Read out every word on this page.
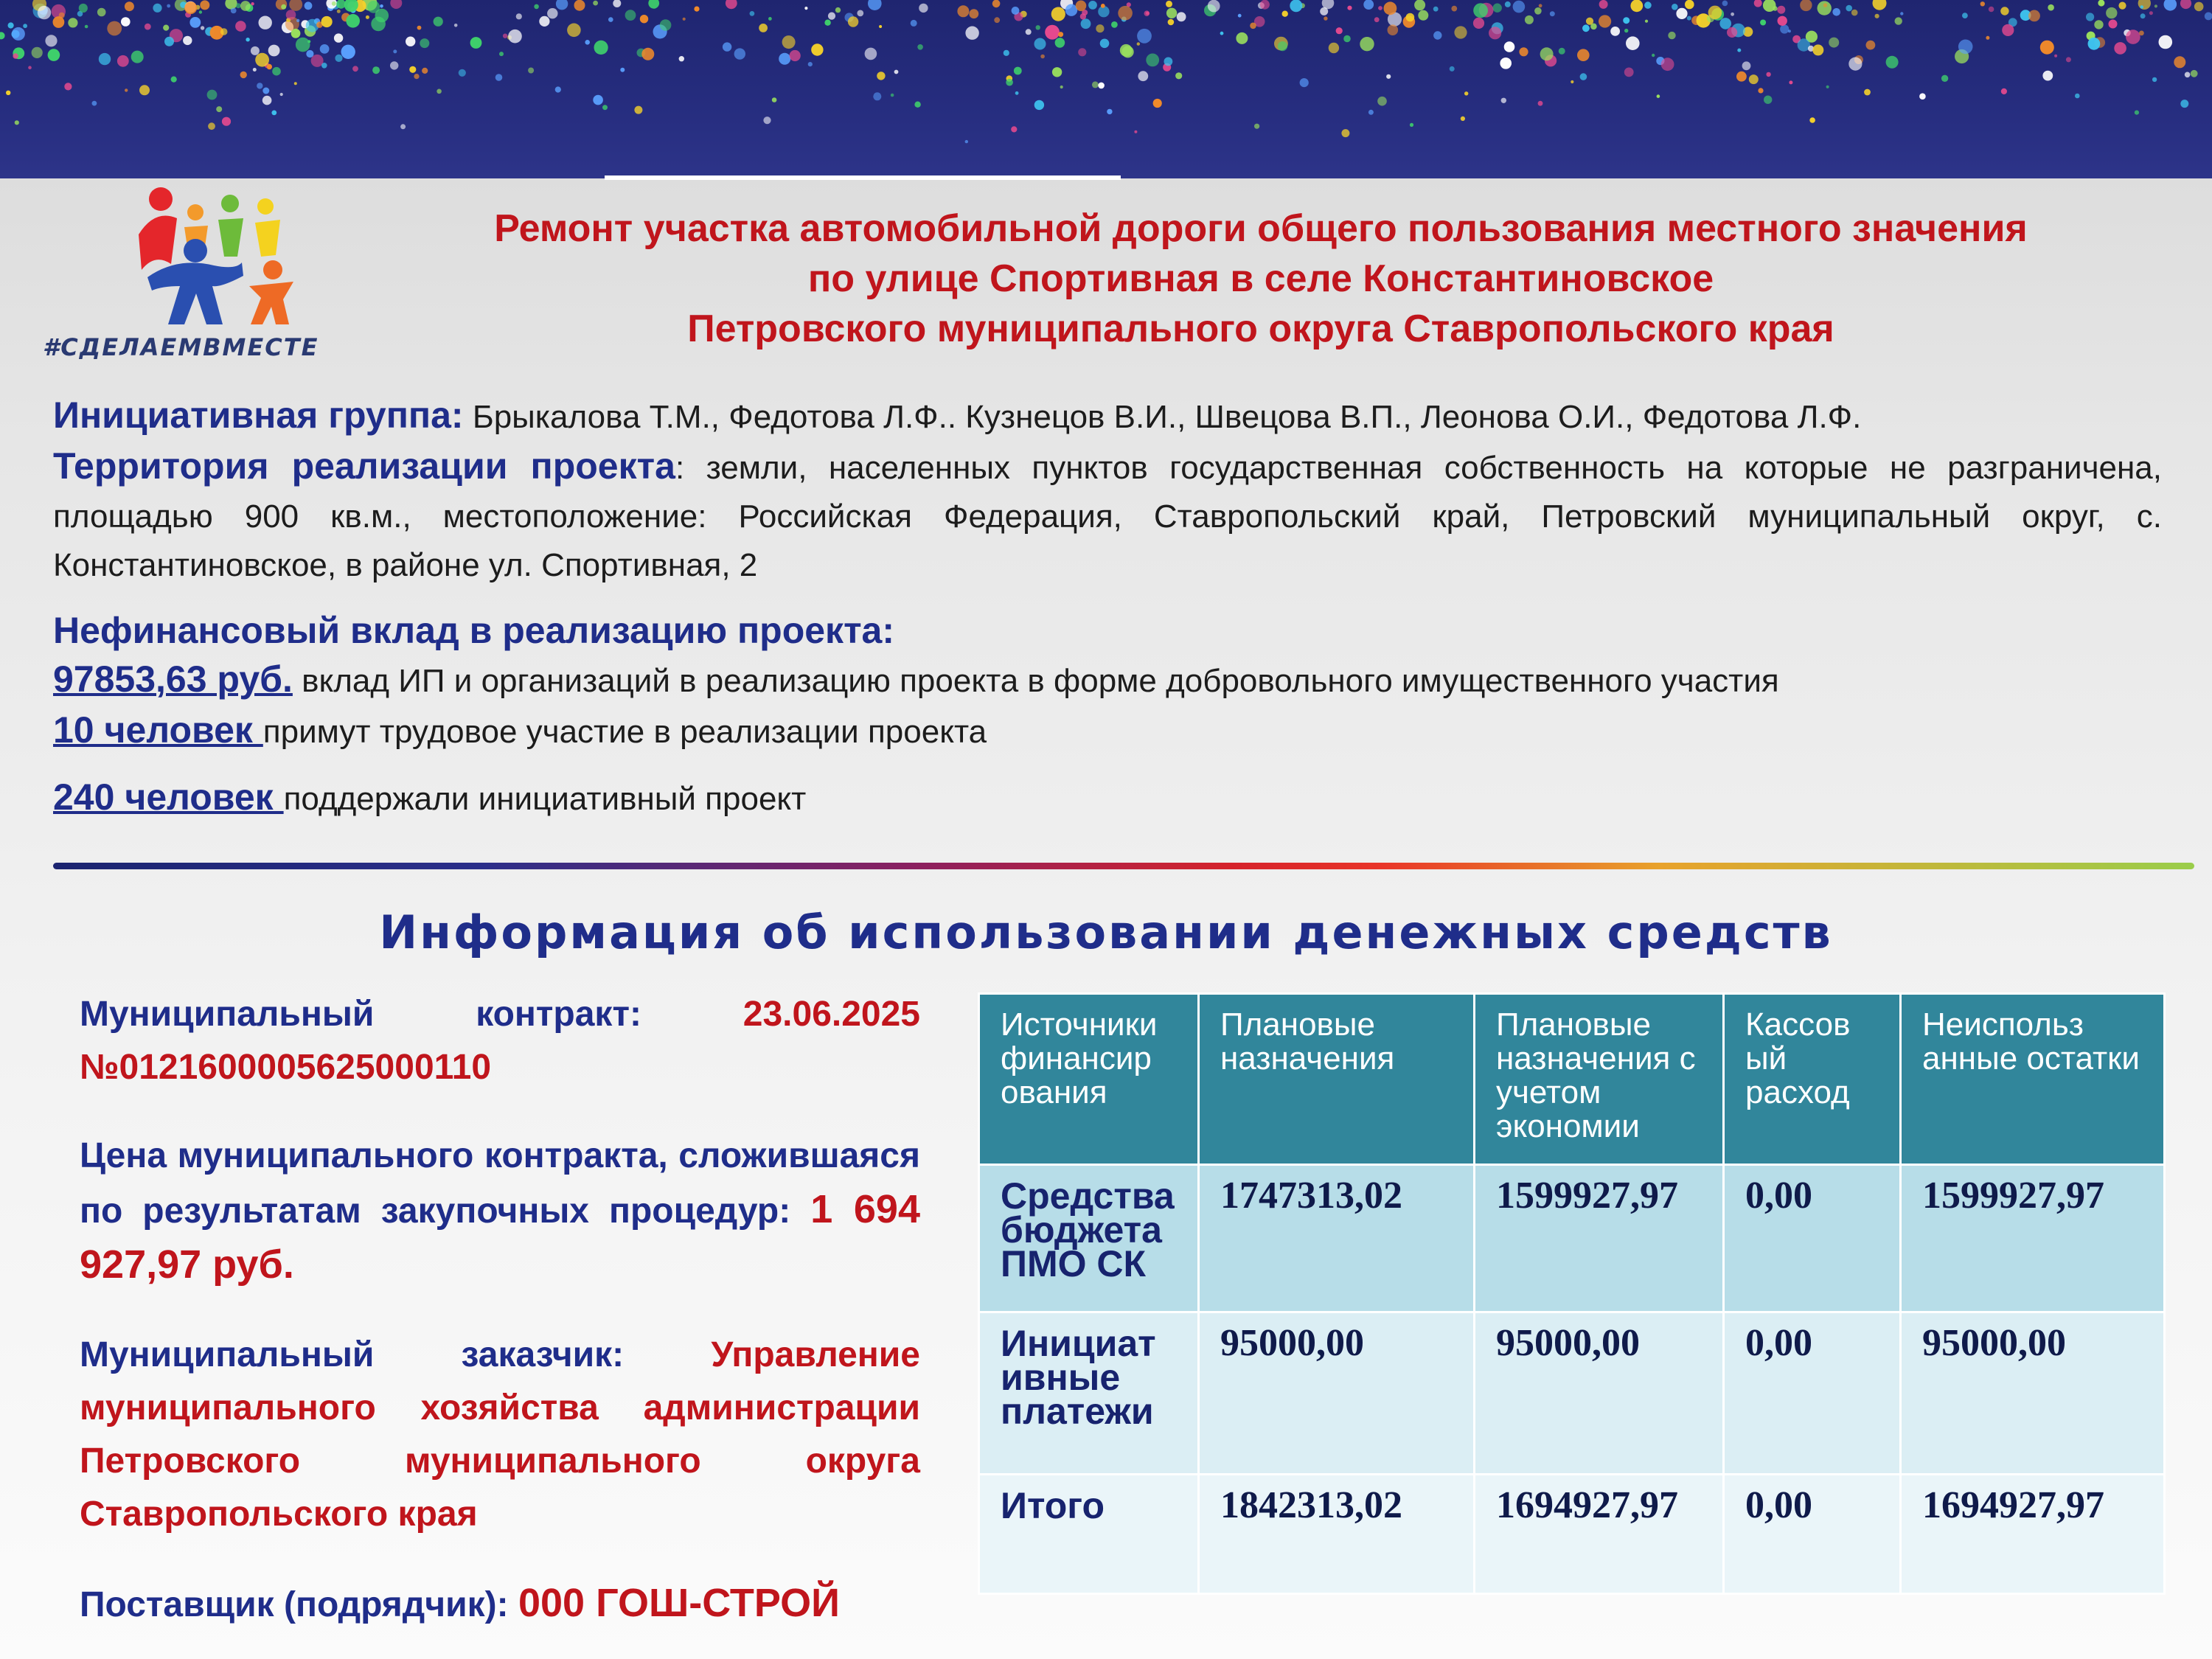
#СДЕЛАЕМВМЕСТЕ
Ремонт участка автомобильной дороги общего пользования местного значения
по улице Спортивная в селе Константиновское
Петровского муниципального округа Ставропольского края
Инициативная группа: Брыкалова Т.М., Федотова Л.Ф.. Кузнецов В.И., Швецова В.П., Леонова О.И., Федотова Л.Ф.
Территория реализации проекта: земли, населенных пунктов государственная собственность на которые не разграничена, площадью 900 кв.м., местоположение: Российская Федерация, Ставропольский край, Петровский муниципальный округ, с. Константиновское, в районе ул. Спортивная, 2
Нефинансовый вклад в реализацию проекта:
97853,63 руб. вклад ИП и организаций в реализацию проекта в форме добровольного имущественного участия
10 человек примут трудовое участие в реализации проекта
240 человек поддержали инициативный проект
Информация об использовании денежных средств

Муниципальный контракт:	23.06.2025 №0121600005625000110

Цена муниципального контракта, сложившаяся по результатам закупочных процедур: 1 694 927,97 руб.

Муниципальный заказчик: Управление муниципального хозяйства администрации Петровского муниципального округа Ставропольского края

Поставщик (подрядчик): 000 ГОШ-СТРОЙ

Источники финансир ования	Плановые назначения	Плановые назначения с учетом экономии	Кассов ый расход	Неиспольз анные остатки
Средства бюджета ПМО СК	1747313,02	1599927,97	0,00	1599927,97
Инициат ивные платежи	95000,00	95000,00	0,00	95000,00
Итого	1842313,02	1694927,97	0,00	1694927,97
